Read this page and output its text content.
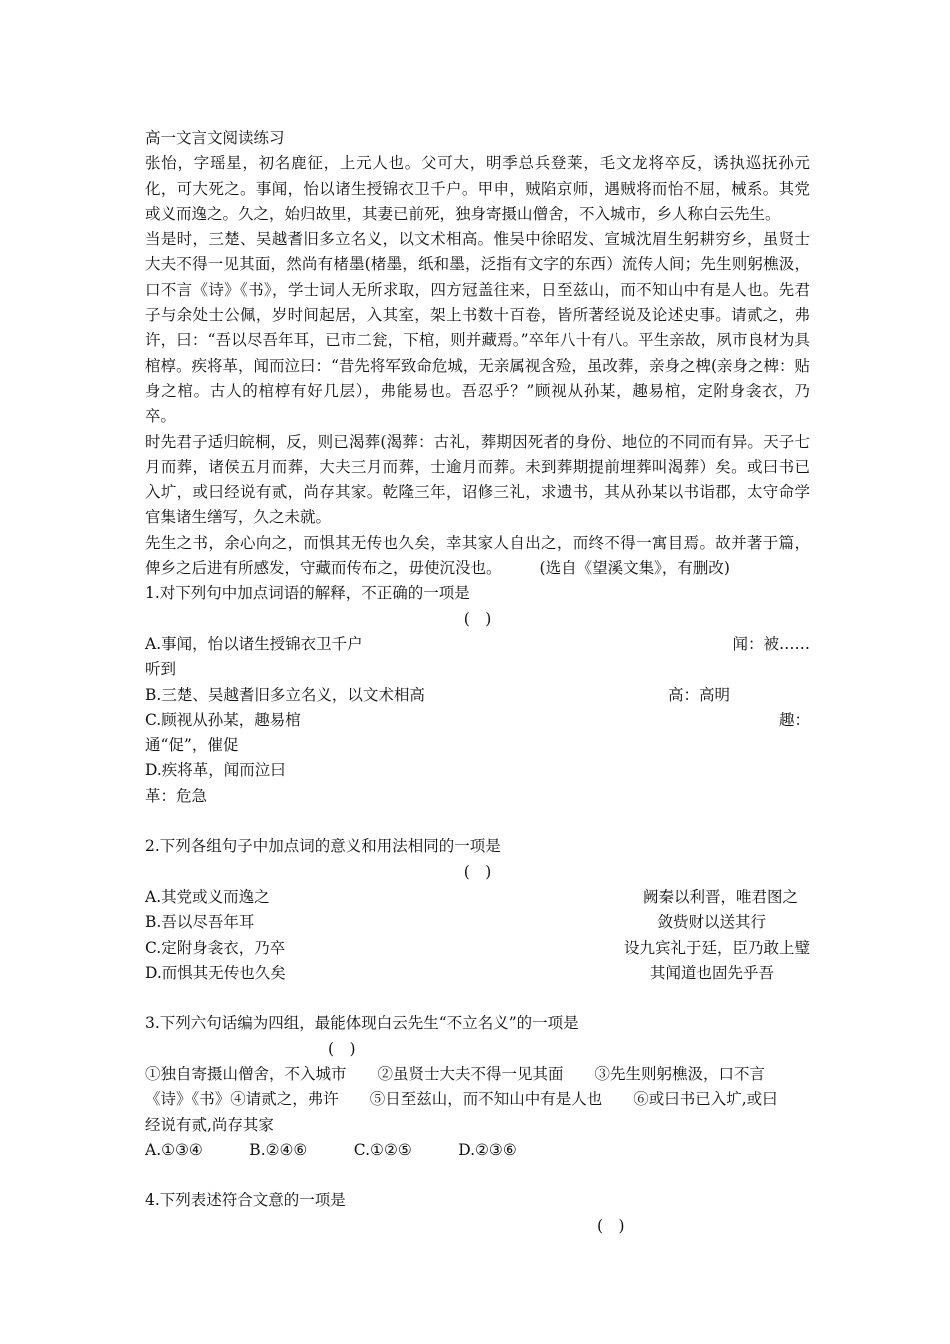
高一文言文阅读练习
张怡，字瑶星，初名鹿征，上元人也。父可大，明季总兵登莱，毛文龙将卒反，诱执巡抚孙元化，可大死之。事闻，怡以诸生授锦衣卫千户。甲申，贼陷京师，遇贼将而怡不屈，械系。其党或义而逸之。久之，始归故里，其妻已前死，独身寄摄山僧舍，不入城市，乡人称白云先生。
当是时，三楚、吴越耆旧多立名义，以文术相高。惟吴中徐昭发、宣城沈眉生躬耕穷乡，虽贤士大夫不得一见其面，然尚有楮墨(楮墨，纸和墨，泛指有文字的东西）流传人间；先生则躬樵汲，口不言《诗》《书》，学士词人无所求取，四方冠盖往来，日至兹山，而不知山中有是人也。先君子与余处士公佩，岁时间起居，入其室，架上书数十百卷，皆所著经说及论述史事。请贰之，弗许，曰：“吾以尽吾年耳，已市二瓮，下棺，则并藏焉。”卒年八十有八。平生亲故，夙市良材为具棺椁。疾将革，闻而泣曰：“昔先将军致命危城，无亲属视含殓，虽改葬，亲身之椑(亲身之椑：贴身之棺。古人的棺椁有好几层），弗能易也。吾忍乎？”顾视从孙某，趣易棺，定附身衾衣，乃卒。
时先君子适归皖桐，反，则已渴葬(渴葬：古礼，葬期因死者的身份、地位的不同而有异。天子七月而葬，诸侯五月而葬，大夫三月而葬，士逾月而葬。未到葬期提前埋葬叫渴葬）矣。或曰书已入圹，或曰经说有贰，尚存其家。乾隆三年，诏修三礼，求遗书，其从孙某以书诣郡，太守命学官集诸生缮写，久之未就。
先生之书，余心向之，而惧其无传也久矣，幸其家人自出之，而终不得一寓目焉。故并著于篇，俾乡之后进有所感发，守藏而传布之，毋使沉没也。 (选自《望溪文集》，有删改)
1.对下列句中加点词语的解释，不正确的一项是
(　)
A.事闻，怡以诸生授锦衣卫千户	闻：被……
听到
B.三楚、吴越耆旧多立名义，以文术相高	高：高明
C.顾视从孙某，趣易棺	趣：
通“促”，催促
D.疾将革，闻而泣曰
革：危急
2.下列各组句子中加点词的意义和用法相同的一项是
(　)
A.其党或义而逸之	阙秦以利晋，唯君图之
B.吾以尽吾年耳	敛赀财以送其行
C.定附身衾衣，乃卒	设九宾礼于廷，臣乃敢上璧
D.而惧其无传也久矣	其闻道也固先乎吾
3.下列六句话编为四组，最能体现白云先生“不立名义”的一项是
(　)
①独自寄摄山僧舍，不入城市　　②虽贤士大夫不得一见其面　　③先生则躬樵汲，口不言
《诗》《书》④请贰之，弗许　　⑤日至兹山，而不知山中有是人也　　⑥或曰书已入圹,或曰
经说有贰,尚存其家
A.①③④　　　B.②④⑥　　　C.①②⑤　　　D.②③⑥
4.下列表述符合文意的一项是
(　)
